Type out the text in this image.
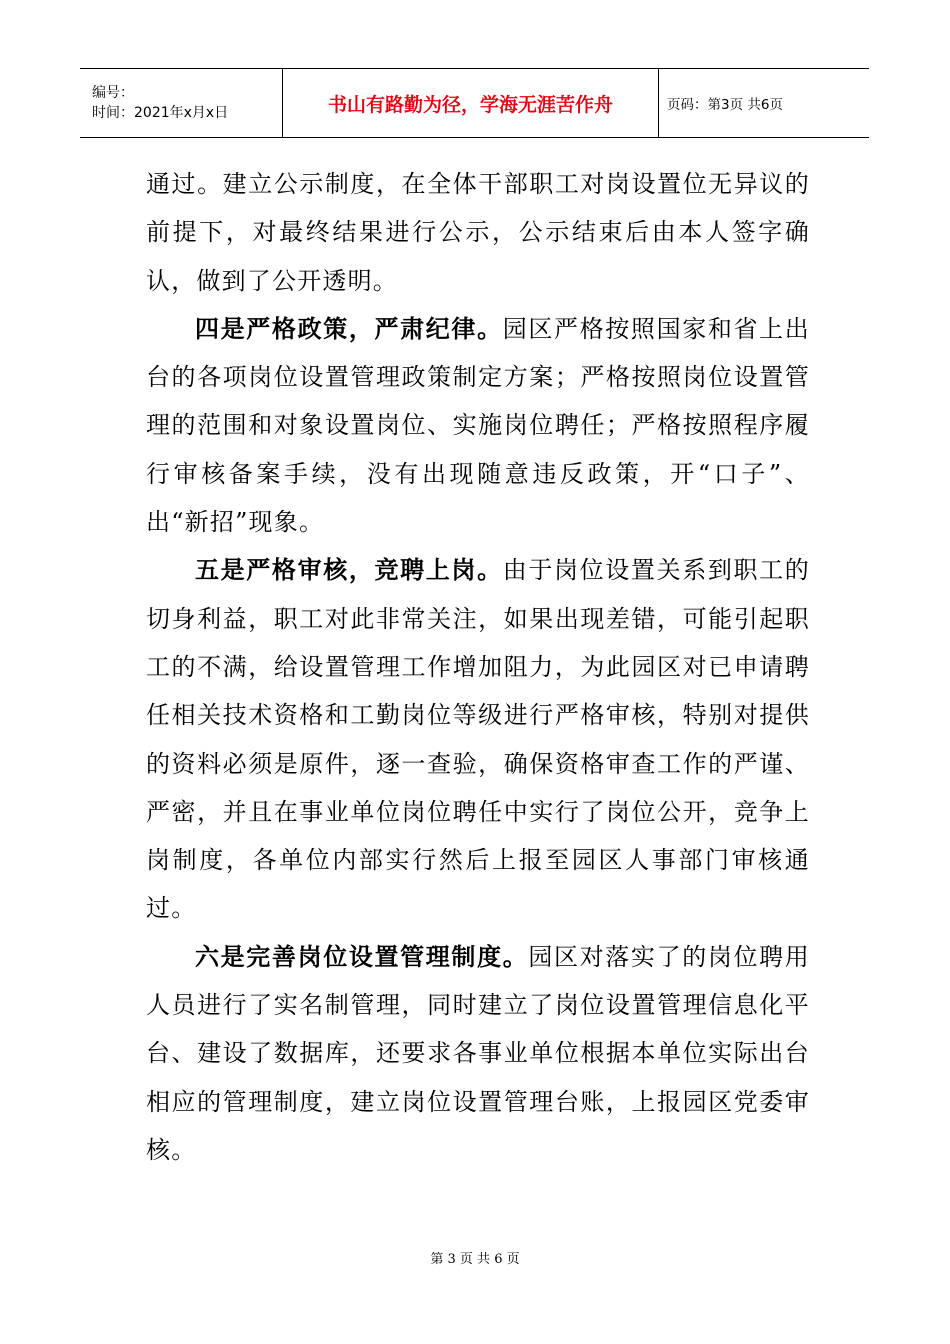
编号：
时间：2021年x月x日	书山有路勤为径，学海无涯苦作舟	页码：第3页 共6页

通过。建立公示制度，在全体干部职工对岗设置位无异议的前提下，对最终结果进行公示，公示结束后由本人签字确认，做到了公开透明。

四是严格政策，严肃纪律。园区严格按照国家和省上出台的各项岗位设置管理政策制定方案；严格按照岗位设置管理的范围和对象设置岗位、实施岗位聘任；严格按照程序履行审核备案手续，没有出现随意违反政策，开“口子”、出“新招”现象。

五是严格审核，竞聘上岗。由于岗位设置关系到职工的切身利益，职工对此非常关注，如果出现差错，可能引起职工的不满，给设置管理工作增加阻力，为此园区对已申请聘任相关技术资格和工勤岗位等级进行严格审核，特别对提供的资料必须是原件，逐一查验，确保资格审查工作的严谨、严密，并且在事业单位岗位聘任中实行了岗位公开，竞争上岗制度，各单位内部实行然后上报至园区人事部门审核通过。

六是完善岗位设置管理制度。园区对落实了的岗位聘用人员进行了实名制管理，同时建立了岗位设置管理信息化平台、建设了数据库，还要求各事业单位根据本单位实际出台相应的管理制度，建立岗位设置管理台账，上报园区党委审核。

第 3 页 共 6 页
